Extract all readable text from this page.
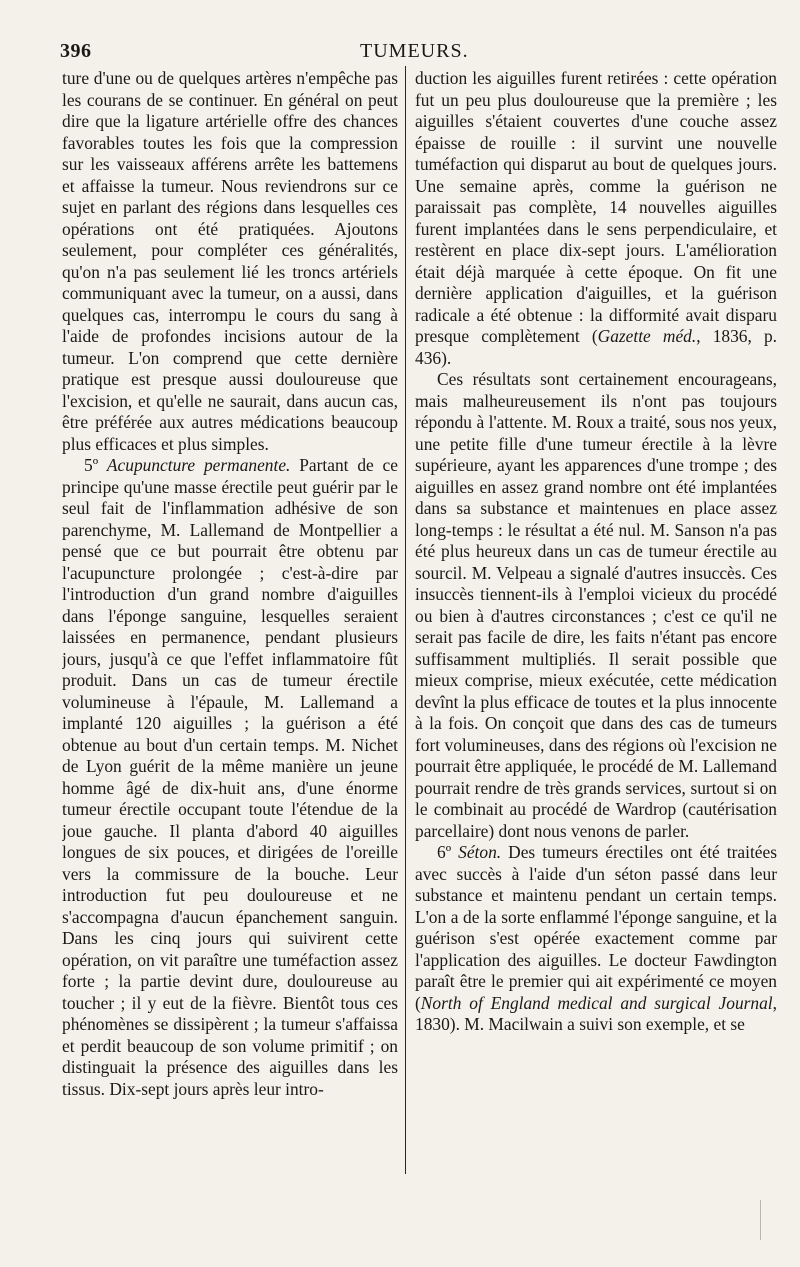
396	TUMEURS.

ture d'une ou de quelques artères n'empêche pas les courans de se continuer. En général on peut dire que la ligature artérielle offre des chances favorables toutes les fois que la compression sur les vaisseaux afférens arrête les battemens et affaisse la tumeur. Nous reviendrons sur ce sujet en parlant des régions dans lesquelles ces opérations ont été pratiquées. Ajoutons seulement, pour compléter ces généralités, qu'on n'a pas seulement lié les troncs artériels communiquant avec la tumeur, on a aussi, dans quelques cas, interrompu le cours du sang à l'aide de profondes incisions autour de la tumeur. L'on comprend que cette dernière pratique est presque aussi douloureuse que l'excision, et qu'elle ne saurait, dans aucun cas, être préférée aux autres médications beaucoup plus efficaces et plus simples.

5º Acupuncture permanente. Partant de ce principe qu'une masse érectile peut guérir par le seul fait de l'inflammation adhésive de son parenchyme, M. Lallemand de Montpellier a pensé que ce but pourrait être obtenu par l'acupuncture prolongée ; c'est-à-dire par l'introduction d'un grand nombre d'aiguilles dans l'éponge sanguine, lesquelles seraient laissées en permanence, pendant plusieurs jours, jusqu'à ce que l'effet inflammatoire fût produit. Dans un cas de tumeur érectile volumineuse à l'épaule, M. Lallemand a implanté 120 aiguilles ; la guérison a été obtenue au bout d'un certain temps. M. Nichet de Lyon guérit de la même manière un jeune homme âgé de dix-huit ans, d'une énorme tumeur érectile occupant toute l'étendue de la joue gauche. Il planta d'abord 40 aiguilles longues de six pouces, et dirigées de l'oreille vers la commissure de la bouche. Leur introduction fut peu douloureuse et ne s'accompagna d'aucun épanchement sanguin. Dans les cinq jours qui suivirent cette opération, on vit paraître une tuméfaction assez forte ; la partie devint dure, douloureuse au toucher ; il y eut de la fièvre. Bientôt tous ces phénomènes se dissipèrent ; la tumeur s'affaissa et perdit beaucoup de son volume primitif ; on distinguait la présence des aiguilles dans les tissus. Dix-sept jours après leur intro-

duction les aiguilles furent retirées : cette opération fut un peu plus douloureuse que la première ; les aiguilles s'étaient couvertes d'une couche assez épaisse de rouille : il survint une nouvelle tuméfaction qui disparut au bout de quelques jours. Une semaine après, comme la guérison ne paraissait pas complète, 14 nouvelles aiguilles furent implantées dans le sens perpendiculaire, et restèrent en place dix-sept jours. L'amélioration était déjà marquée à cette époque. On fit une dernière application d'aiguilles, et la guérison radicale a été obtenue : la difformité avait disparu presque complètement (Gazette méd., 1836, p. 436).

Ces résultats sont certainement encourageans, mais malheureusement ils n'ont pas toujours répondu à l'attente. M. Roux a traité, sous nos yeux, une petite fille d'une tumeur érectile à la lèvre supérieure, ayant les apparences d'une trompe ; des aiguilles en assez grand nombre ont été implantées dans sa substance et maintenues en place assez long-temps : le résultat a été nul. M. Sanson n'a pas été plus heureux dans un cas de tumeur érectile au sourcil. M. Velpeau a signalé d'autres insuccès. Ces insuccès tiennent-ils à l'emploi vicieux du procédé ou bien à d'autres circonstances ; c'est ce qu'il ne serait pas facile de dire, les faits n'étant pas encore suffisamment multipliés. Il serait possible que mieux comprise, mieux exécutée, cette médication devînt la plus efficace de toutes et la plus innocente à la fois. On conçoit que dans des cas de tumeurs fort volumineuses, dans des régions où l'excision ne pourrait être appliquée, le procédé de M. Lallemand pourrait rendre de très grands services, surtout si on le combinait au procédé de Wardrop (cautérisation parcellaire) dont nous venons de parler.

6º Séton. Des tumeurs érectiles ont été traitées avec succès à l'aide d'un séton passé dans leur substance et maintenu pendant un certain temps. L'on a de la sorte enflammé l'éponge sanguine, et la guérison s'est opérée exactement comme par l'application des aiguilles. Le docteur Fawdington paraît être le premier qui ait expérimenté ce moyen (North of England medical and surgical Journal, 1830). M. Macilwain a suivi son exemple, et se
